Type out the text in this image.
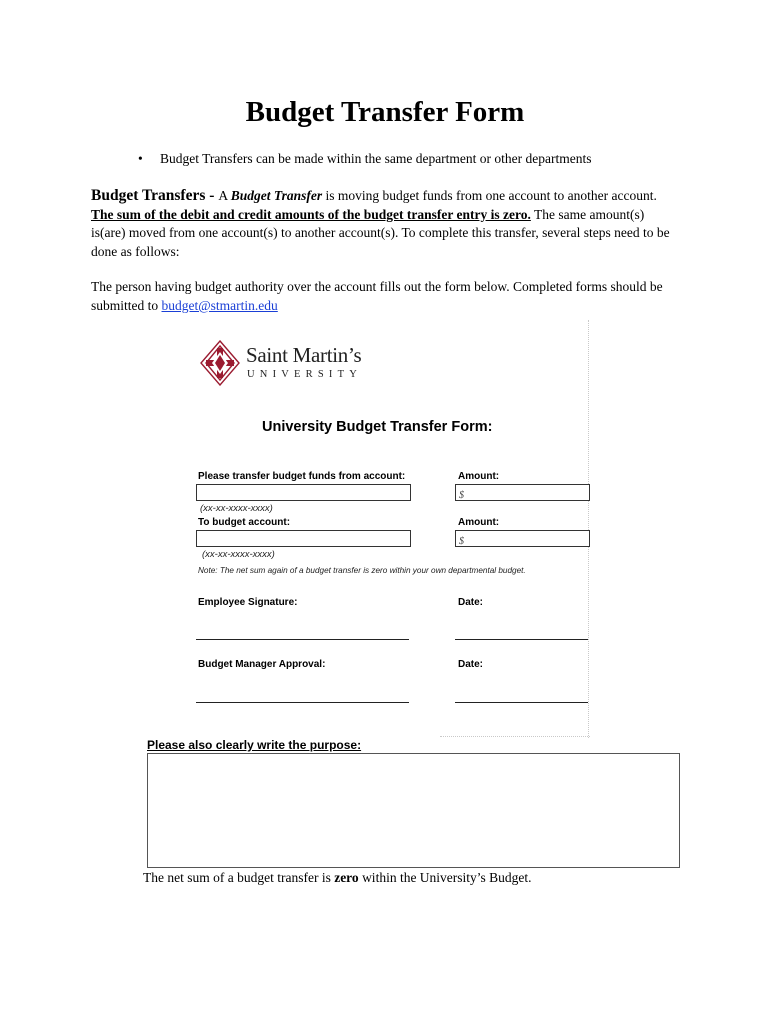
Budget Transfer Form
• Budget Transfers can be made within the same department or other departments
Budget Transfers - A Budget Transfer is moving budget funds from one account to another account. The sum of the debit and credit amounts of the budget transfer entry is zero. The same amount(s) is(are) moved from one account(s) to another account(s). To complete this transfer, several steps need to be done as follows:
The person having budget authority over the account fills out the form below. Completed forms should be submitted to budget@stmartin.edu
Saint Martin’s
UNIVERSITY
University Budget Transfer Form:
Please transfer budget funds from account:
(xx-xx-xxxx-xxxx)
Amount:
$
To budget account:
(xx-xx-xxxx-xxxx)
Amount:
$
Note: The net sum again of a budget transfer is zero within your own departmental budget.
Employee Signature:	Date:
Budget Manager Approval:	Date:
Please also clearly write the purpose:
The net sum of a budget transfer is zero within the University’s Budget.
